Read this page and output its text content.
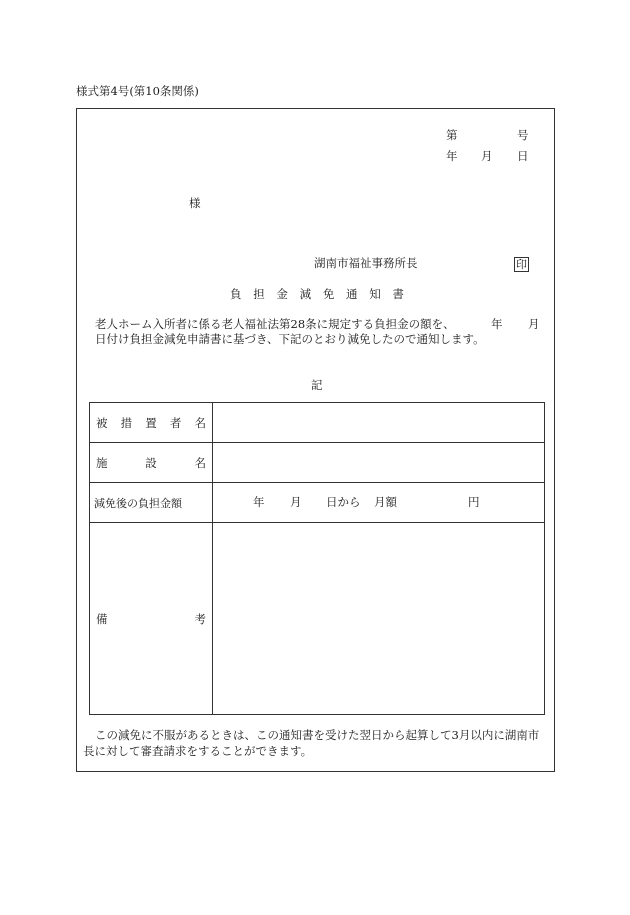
様式第4号(第10条関係)
第	号
年 月 日
様
湖南市福祉事務所長	印
負 担 金 減 免 通 知 書
老人ホーム入所者に係る老人福祉法第28条に規定する負担金の額を、	年 月
日付け負担金減免申請書に基づき、下記のとおり減免したので通知します。
記
被 措 置 者 名	

施 設 名	

減免後の負担金額	年 月 日から 月額 円

備 考	

この減免に不服があるときは、この通知書を受けた翌日から起算して3月以内に湖南市
長に対して審査請求をすることができます。
